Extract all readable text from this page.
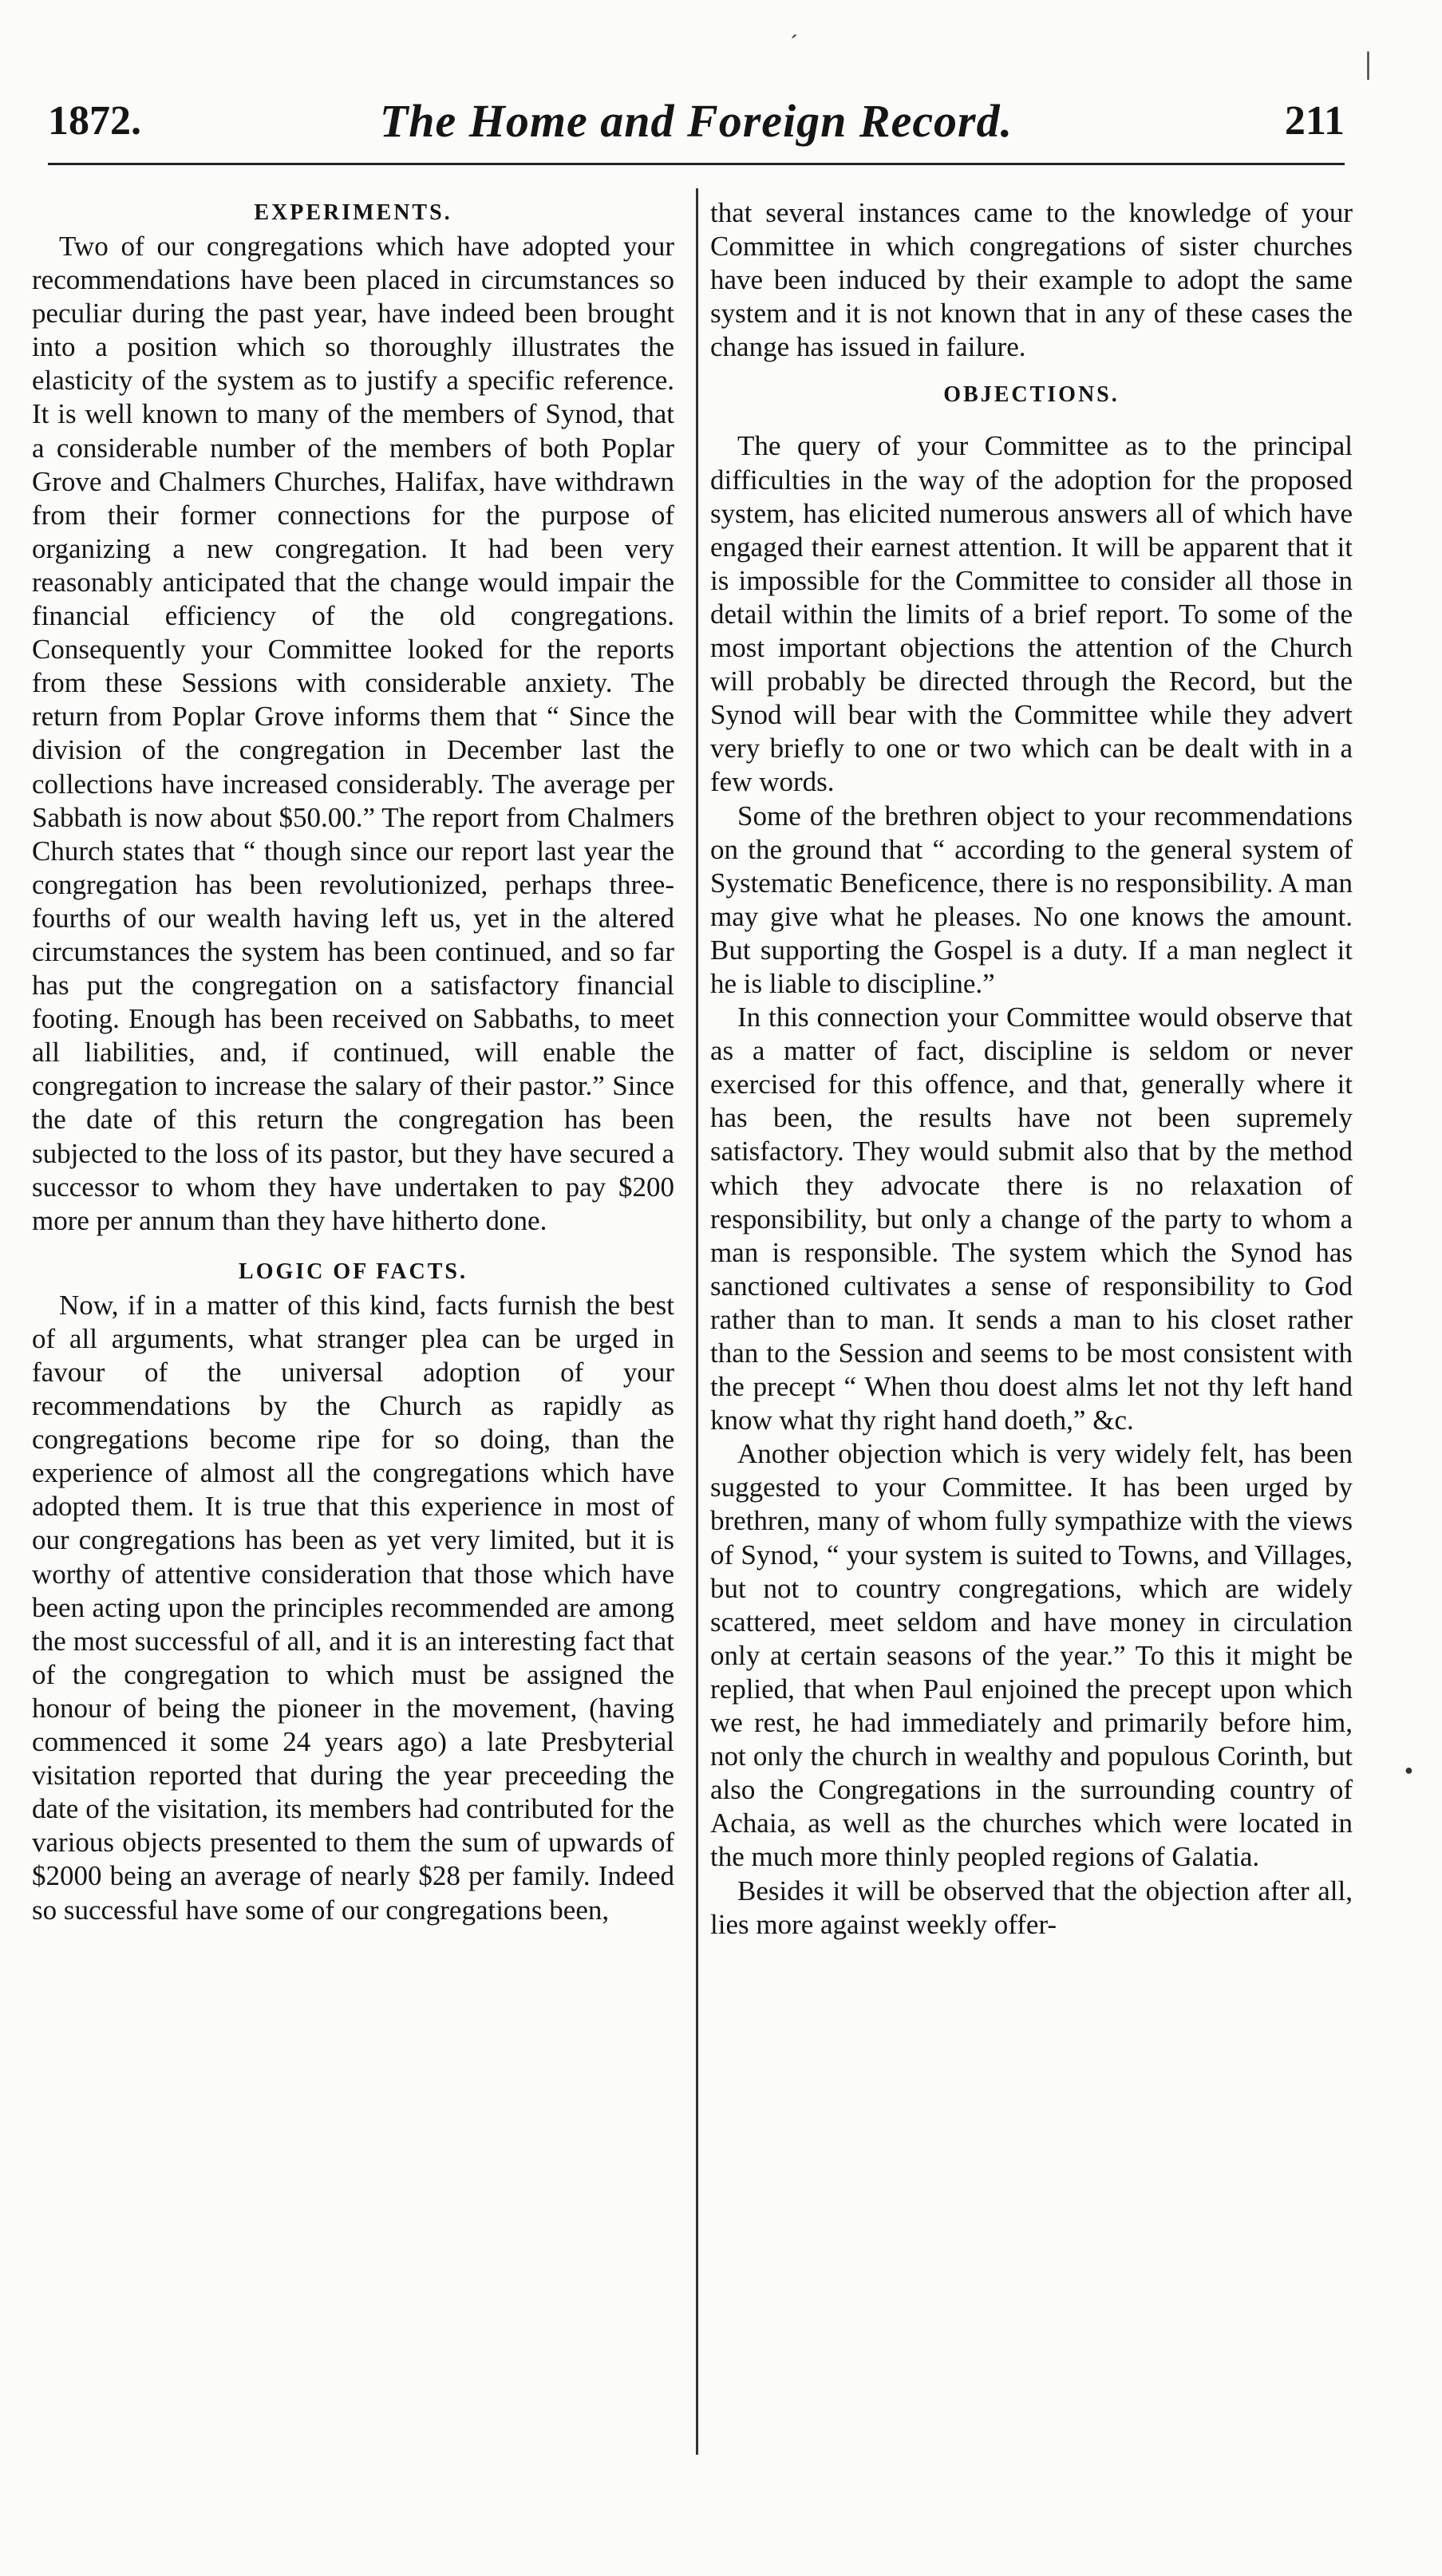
1872.	The Home and Foreign Record.	211
EXPERIMENTS.

Two of our congregations which have adopted your recommendations have been placed in circumstances so peculiar during the past year, have indeed been brought into a position which so thoroughly illustrates the elasticity of the system as to justify a specific reference. It is well known to many of the members of Synod, that a considerable number of the members of both Poplar Grove and Chalmers Churches, Halifax, have withdrawn from their former connections for the purpose of organizing a new congregation. It had been very reasonably anticipated that the change would impair the financial efficiency of the old congregations. Consequently your Committee looked for the reports from these Sessions with considerable anxiety. The return from Poplar Grove informs them that “ Since the division of the congregation in December last the collections have increased considerably. The average per Sabbath is now about $50.00.” The report from Chalmers Church states that “ though since our report last year the congregation has been revolutionized, perhaps three-fourths of our wealth having left us, yet in the altered circumstances the system has been continued, and so far has put the congregation on a satisfactory financial footing. Enough has been received on Sabbaths, to meet all liabilities, and, if continued, will enable the congregation to increase the salary of their pastor.” Since the date of this return the congregation has been subjected to the loss of its pastor, but they have secured a successor to whom they have undertaken to pay $200 more per annum than they have hitherto done.

LOGIC OF FACTS.

Now, if in a matter of this kind, facts furnish the best of all arguments, what stranger plea can be urged in favour of the universal adoption of your recommendations by the Church as rapidly as congregations become ripe for so doing, than the experience of almost all the congregations which have adopted them. It is true that this experience in most of our congregations has been as yet very limited, but it is worthy of attentive consideration that those which have been acting upon the principles recommended are among the most successful of all, and it is an interesting fact that of the congregation to which must be assigned the honour of being the pioneer in the movement, (having commenced it some 24 years ago) a late Presbyterial visitation reported that during the year preceeding the date of the visitation, its members had contributed for the various objects presented to them the sum of upwards of $2000 being an average of nearly $28 per family. Indeed so successful have some of our congregations been,

that several instances came to the knowledge of your Committee in which congregations of sister churches have been induced by their example to adopt the same system and it is not known that in any of these cases the change has issued in failure.

OBJECTIONS.

The query of your Committee as to the principal difficulties in the way of the adoption for the proposed system, has elicited numerous answers all of which have engaged their earnest attention. It will be apparent that it is impossible for the Committee to consider all those in detail within the limits of a brief report. To some of the most important objections the attention of the Church will probably be directed through the Record, but the Synod will bear with the Committee while they advert very briefly to one or two which can be dealt with in a few words.

Some of the brethren object to your recommendations on the ground that “ according to the general system of Systematic Beneficence, there is no responsibility. A man may give what he pleases. No one knows the amount. But supporting the Gospel is a duty. If a man neglect it he is liable to discipline.”

In this connection your Committee would observe that as a matter of fact, discipline is seldom or never exercised for this offence, and that, generally where it has been, the results have not been supremely satisfactory. They would submit also that by the method which they advocate there is no relaxation of responsibility, but only a change of the party to whom a man is responsible. The system which the Synod has sanctioned cultivates a sense of responsibility to God rather than to man. It sends a man to his closet rather than to the Session and seems to be most consistent with the precept “ When thou doest alms let not thy left hand know what thy right hand doeth,” &c.

Another objection which is very widely felt, has been suggested to your Committee. It has been urged by brethren, many of whom fully sympathize with the views of Synod, “ your system is suited to Towns, and Villages, but not to country congregations, which are widely scattered, meet seldom and have money in circulation only at certain seasons of the year.” To this it might be replied, that when Paul enjoined the precept upon which we rest, he had immediately and primarily before him, not only the church in wealthy and populous Corinth, but also the Congregations in the surrounding country of Achaia, as well as the churches which were located in the much more thinly peopled regions of Galatia.

Besides it will be observed that the objection after all, lies more against weekly offer-

ˊ
׀
●
